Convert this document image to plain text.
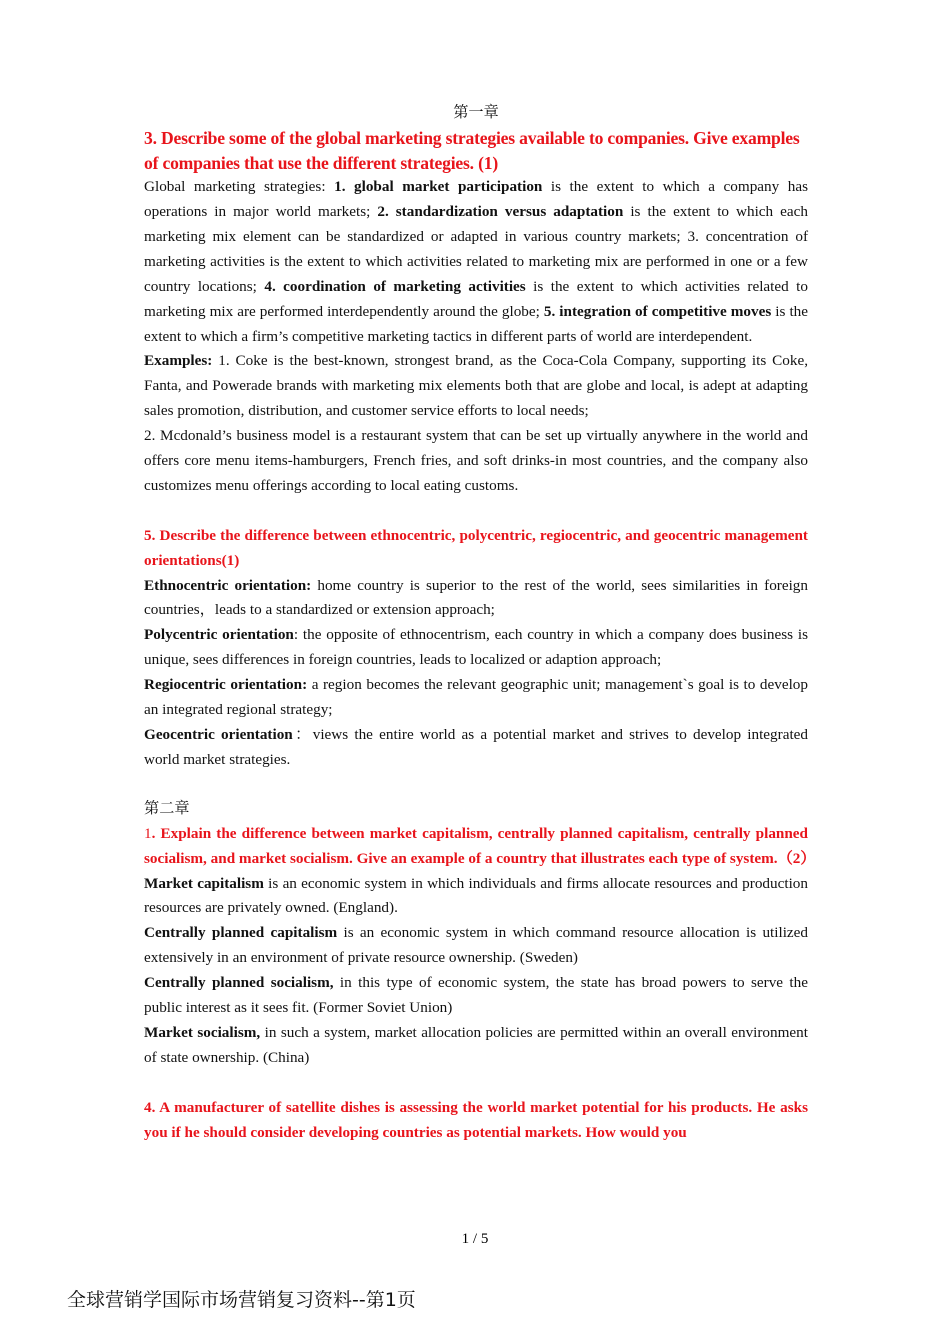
第一章

3. Describe some of the global marketing strategies available to companies. Give examples of companies that use the different strategies. (1)

Global marketing strategies: 1. global market participation is the extent to which a company has operations in major world markets; 2. standardization versus adaptation is the extent to which each marketing mix element can be standardized or adapted in various country markets; 3. concentration of marketing activities is the extent to which activities related to marketing mix are performed in one or a few country locations; 4. coordination of marketing activities is the extent to which activities related to marketing mix are performed interdependently around the globe; 5. integration of competitive moves is the extent to which a firm’s competitive marketing tactics in different parts of world are interdependent.

Examples: 1. Coke is the best-known, strongest brand, as the Coca-Cola Company, supporting its Coke, Fanta, and Powerade brands with marketing mix elements both that are globe and local, is adept at adapting sales promotion, distribution, and customer service efforts to local needs;

2. Mcdonald’s business model is a restaurant system that can be set up virtually anywhere in the world and offers core menu items-hamburgers, French fries, and soft drinks-in most countries, and the company also customizes menu offerings according to local eating customs.

5. Describe the difference between ethnocentric, polycentric, regiocentric, and geocentric management orientations(1)

Ethnocentric orientation: home country is superior to the rest of the world, sees similarities in foreign countries，leads to a standardized or extension approach;

Polycentric orientation: the opposite of ethnocentrism, each country in which a company does business is unique, sees differences in foreign countries, leads to localized or adaption approach;

Regiocentric orientation: a region becomes the relevant geographic unit; management`s goal is to develop an integrated regional strategy;

Geocentric orientation：views the entire world as a potential market and strives to develop integrated world market strategies.

第二章

1. Explain the difference between market capitalism, centrally planned capitalism, centrally planned socialism, and market socialism. Give an example of a country that illustrates each type of system.（2）

Market capitalism is an economic system in which individuals and firms allocate resources and production resources are privately owned. (England).

Centrally planned capitalism is an economic system in which command resource allocation is utilized extensively in an environment of private resource ownership. (Sweden)

Centrally planned socialism, in this type of economic system, the state has broad powers to serve the public interest as it sees fit. (Former Soviet Union)

Market socialism, in such a system, market allocation policies are permitted within an overall environment of state ownership. (China)

4. A manufacturer of satellite dishes is assessing the world market potential for his products. He asks you if he should consider developing countries as potential markets. How would you

1 / 5
全球营销学国际市场营销复习资料--第1页
